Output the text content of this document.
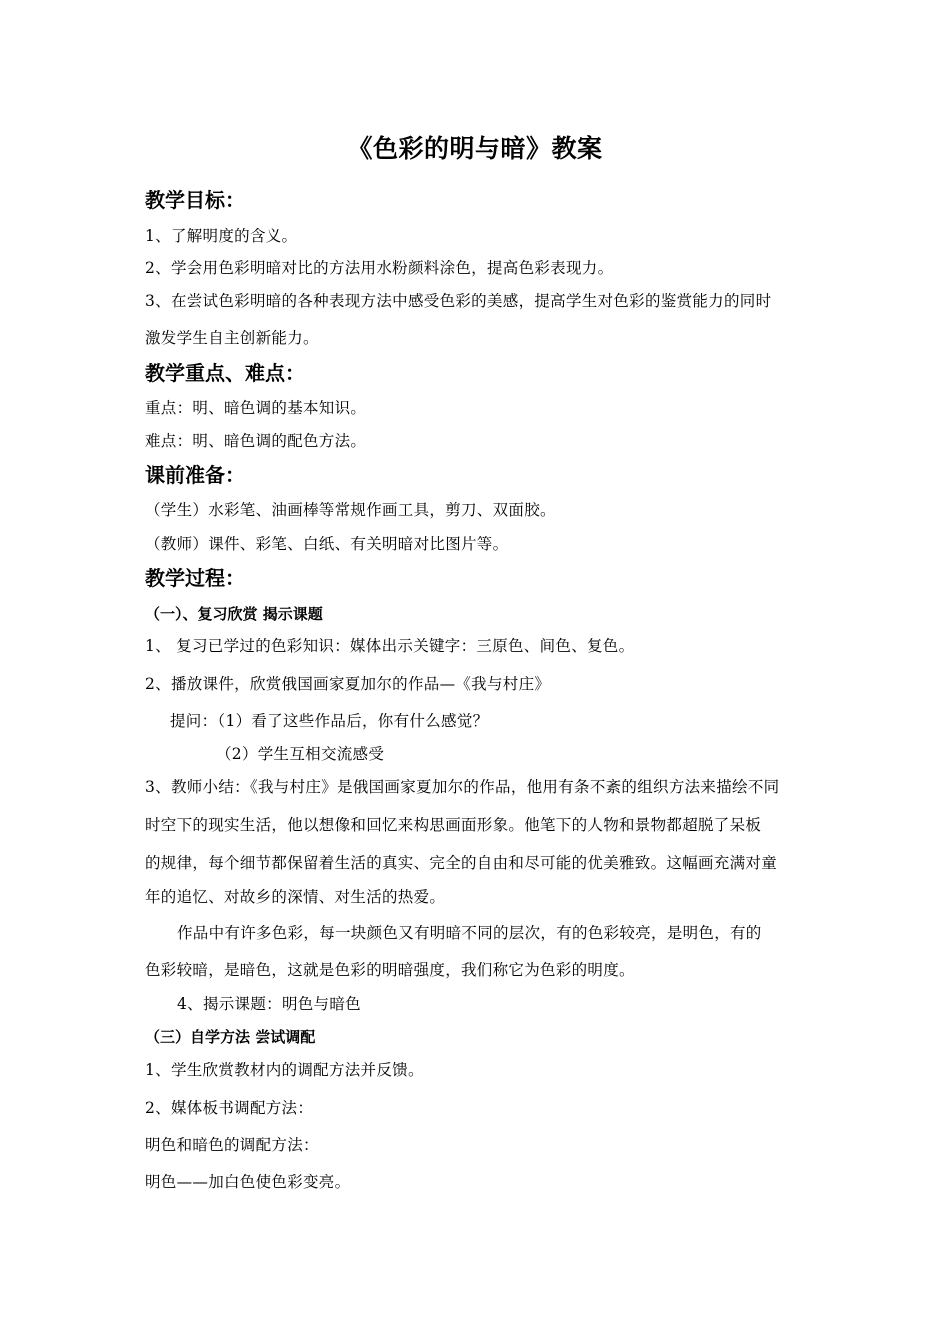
《色彩的明与暗》教案
教学目标：
1、了解明度的含义。
2、学会用色彩明暗对比的方法用水粉颜料涂色，提高色彩表现力。
3、在尝试色彩明暗的各种表现方法中感受色彩的美感，提高学生对色彩的鉴赏能力的同时
激发学生自主创新能力。
教学重点、难点：
重点：明、暗色调的基本知识。
难点：明、暗色调的配色方法。
课前准备：
（学生）水彩笔、油画棒等常规作画工具，剪刀、双面胶。
（教师）课件、彩笔、白纸、有关明暗对比图片等。
教学过程：
（一）、复习欣赏 揭示课题
1、 复习已学过的色彩知识：媒体出示关键字：三原色、间色、复色。
2、播放课件，欣赏俄国画家夏加尔的作品—《我与村庄》
提问：（1）看了这些作品后，你有什么感觉？
（2）学生互相交流感受
3、教师小结：《我与村庄》是俄国画家夏加尔的作品，他用有条不紊的组织方法来描绘不同
时空下的现实生活，他以想像和回忆来构思画面形象。他笔下的人物和景物都超脱了呆板
的规律，每个细节都保留着生活的真实、完全的自由和尽可能的优美雅致。这幅画充满对童
年的追忆、对故乡的深情、对生活的热爱。
作品中有许多色彩，每一块颜色又有明暗不同的层次，有的色彩较亮，是明色，有的
色彩较暗，是暗色，这就是色彩的明暗强度，我们称它为色彩的明度。
4、揭示课题：明色与暗色
（三）自学方法 尝试调配
1、学生欣赏教材内的调配方法并反馈。
2、媒体板书调配方法：
明色和暗色的调配方法：
明色——加白色使色彩变亮。
